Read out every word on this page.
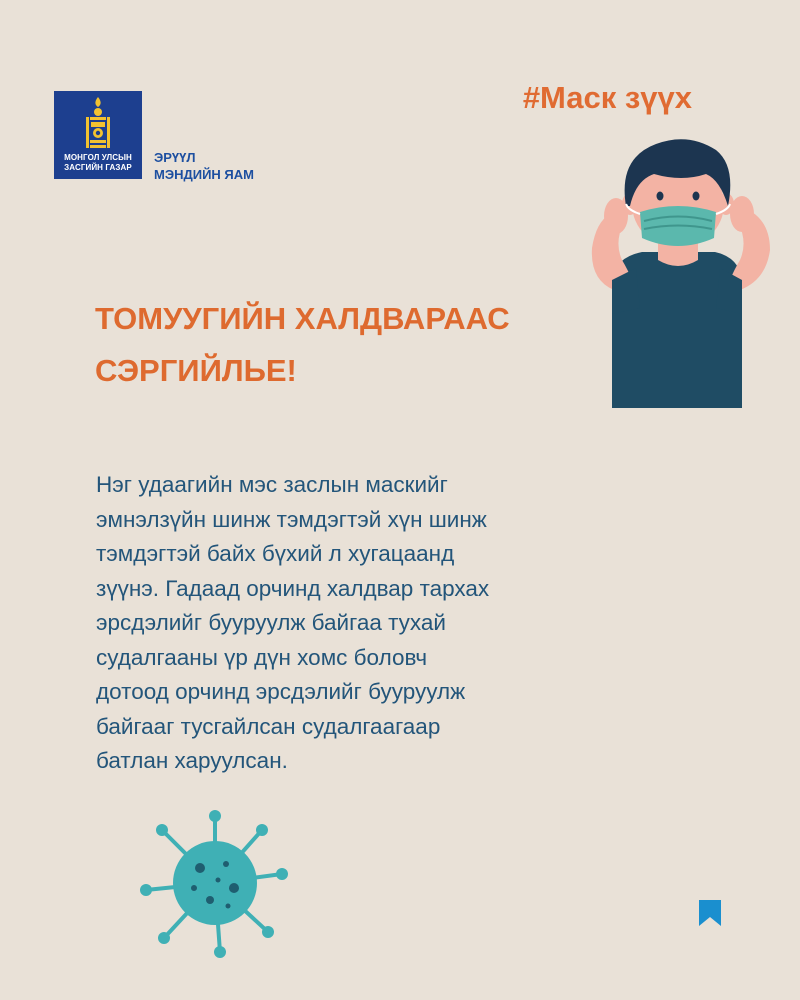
МОНГОЛ УЛСЫН
ЗАСГИЙН ГАЗАР
ЭРҮҮЛ
МЭНДИЙН ЯАМ
#Маск зүүх
ТОМУУГИЙН ХАЛДВАРААС
СЭРГИЙЛЬЕ!
Нэг удаагийн мэс заслын маскийг
эмнэлзүйн шинж тэмдэгтэй хүн шинж
тэмдэгтэй байх бүхий л хугацаанд
зүүнэ. Гадаад орчинд халдвар тархах
эрсдэлийг бууруулж байгаа тухай
судалгааны үр дүн хомс боловч
дотоод орчинд эрсдэлийг бууруулж
байгааг тусгайлсан судалгаагаар
батлан харуулсан.
